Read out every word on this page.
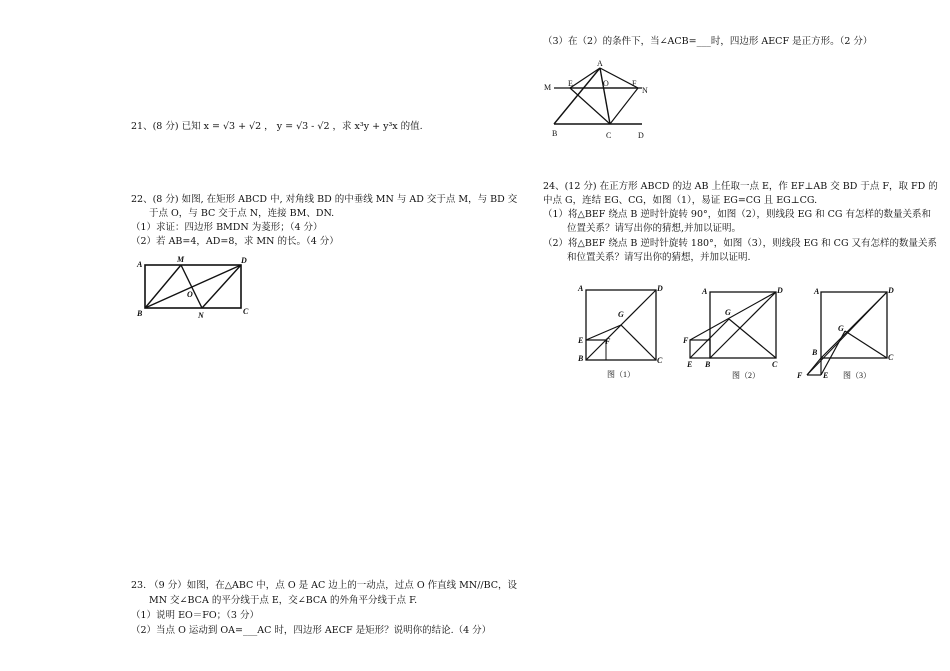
（3）在（2）的条件下，当∠ACB=___时，四边形 AECF 是正方形。（2 分）
A
M E	O	F
N
B	C	D
21、(8 分) 已知 x = √3 + √2 ， y = √3 - √2 ，求 x³y + y³x 的值.
22、(8 分) 如图, 在矩形 ABCD 中, 对角线 BD 的中垂线 MN 与 AD 交于点 M，与 BD 交
于点 O，与 BC 交于点 N，连接 BM、DN.
（1）求证：四边形 BMDN 为菱形；（4 分）
（2）若 AB=4，AD=8，求 MN 的长。（4 分）
A
M	D
O
B	N	C
24、(12 分) 在正方形 ABCD 的边 AB 上任取一点 E，作 EF⊥AB 交 BD 于点 F，取 FD 的
中点 G，连结 EG、CG，如图（1），易证 EG=CG 且 EG⊥CG.
（1）将△BEF 绕点 B 逆时针旋转 90°，如图（2），则线段 EG 和 CG 有怎样的数量关系和
位置关系？请写出你的猜想,并加以证明。
（2）将△BEF 绕点 B 逆时针旋转 180°，如图（3），则线段 EG 和 CG 又有怎样的数量关系
和位置关系？请写出你的猜想，并加以证明.
A	D
G
E	F
B	C
图（1）
A	D
G
F
E B	C
图（2）
A	D
G
B
C
F	E 图（3）
23. （9 分）如图，在△ABC 中，点 O 是 AC 边上的一动点，过点 O 作直线 MN//BC，设
MN 交∠BCA 的平分线于点 E，交∠BCA 的外角平分线于点 F.
（1）说明 EO＝FO；（3 分）
（2）当点 O 运动到 OA=___AC 时，四边形 AECF 是矩形？说明你的结论.（4 分）
